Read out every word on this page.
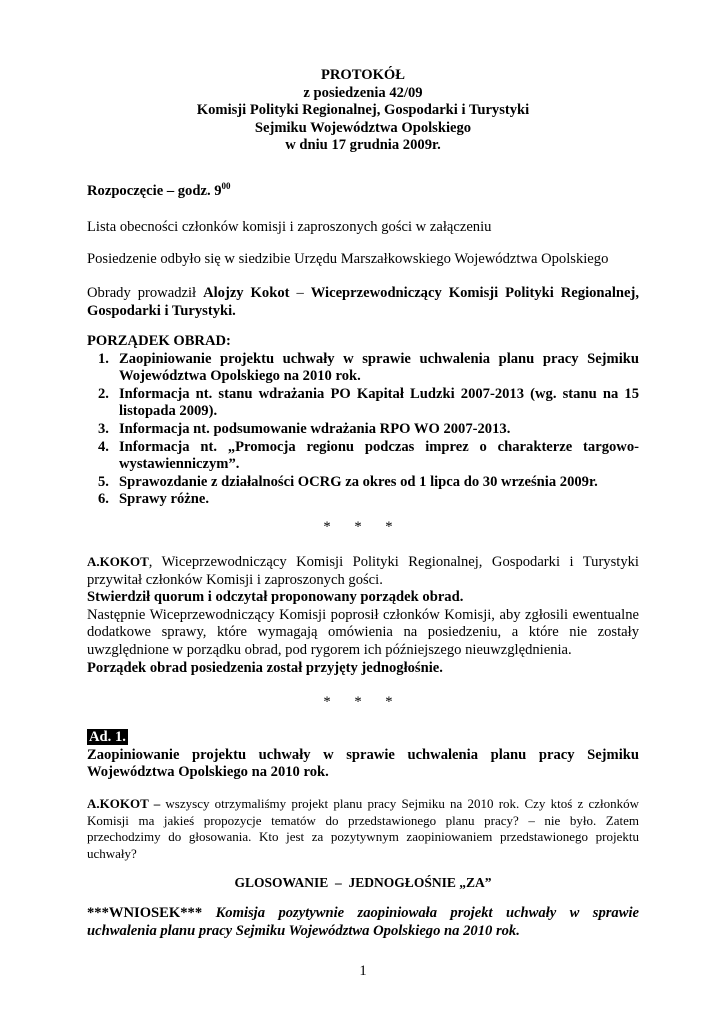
PROTOKÓŁ
z posiedzenia 42/09
Komisji Polityki Regionalnej, Gospodarki i Turystyki
Sejmiku Województwa Opolskiego
w dniu 17 grudnia 2009r.
Rozpoczęcie – godz. $9^{00}$
Lista obecności członków komisji i zaproszonych gości w załączeniu
Posiedzenie odbyło się w siedzibie Urzędu Marszałkowskiego Województwa Opolskiego
Obrady prowadził Alojzy Kokot – Wiceprzewodniczący Komisji Polityki Regionalnej,
Gospodarki i Turystyki.
PORZĄDEK OBRAD:
1. Zaopiniowanie projektu uchwały w sprawie uchwalenia planu pracy Sejmiku
Województwa Opolskiego na 2010 rok.
2. Informacja nt. stanu wdrażania PO Kapitał Ludzki 2007-2013 (wg. stanu na 15
listopada 2009).
3. Informacja nt. podsumowanie wdrażania RPO WO 2007-2013.
4. Informacja nt. „Promocja regionu podczas imprez o charakterze targowo-
wystawienniczym”.
5. Sprawozdanie z działalności OCRG za okres od 1 lipca do 30 września 2009r.
6. Sprawy różne.
* * *
A.KOKOT, Wiceprzewodniczący Komisji Polityki Regionalnej, Gospodarki i Turystyki
przywitał członków Komisji i zaproszonych gości.
Stwierdził quorum i odczytał proponowany porządek obrad.
Następnie Wiceprzewodniczący Komisji poprosił członków Komisji, aby zgłosili ewentualne
dodatkowe sprawy, które wymagają omówienia na posiedzeniu, a które nie zostały
uwzględnione w porządku obrad, pod rygorem ich późniejszego nieuwzględnienia.
Porządek obrad posiedzenia został przyjęty jednogłośnie.
* * *
Ad. 1.
Zaopiniowanie projektu uchwały w sprawie uchwalenia planu pracy Sejmiku
Województwa Opolskiego na 2010 rok.
A.KOKOT – wszyscy otrzymaliśmy projekt planu pracy Sejmiku na 2010 rok. Czy ktoś z członków
Komisji ma jakieś propozycje tematów do przedstawionego planu pracy? – nie było. Zatem
przechodzimy do głosowania. Kto jest za pozytywnym zaopiniowaniem przedstawionego projektu
uchwały?
GLOSOWANIE  –  JEDNOGŁOŚNIE „ZA”
***WNIOSEK*** Komisja pozytywnie zaopiniowała projekt uchwały w sprawie
uchwalenia planu pracy Sejmiku Województwa Opolskiego na 2010 rok.
1
